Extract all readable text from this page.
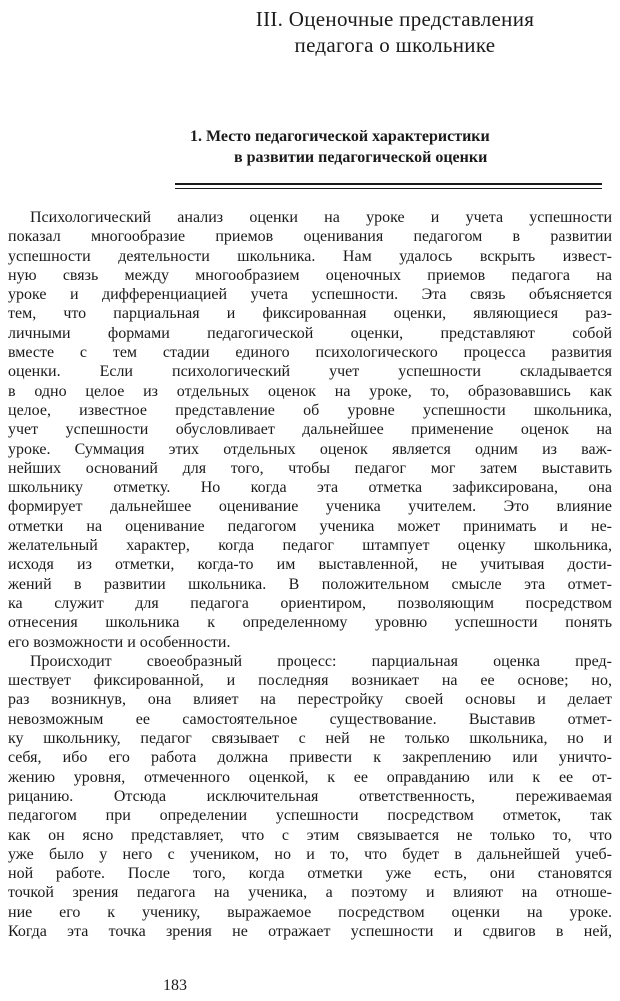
III. Оценочные представления
педагога о школьнике
1. Место педагогической характеристики
в развитии педагогической оценки
Психологический анализ оценки на уроке и учета успешности
показал многообразие приемов оценивания педагогом в развитии
успешности деятельности школьника. Нам удалось вскрыть извест-
ную связь между многообразием оценочных приемов педагога на
уроке и дифференциацией учета успешности. Эта связь объясняется
тем, что парциальная и фиксированная оценки, являющиеся раз-
личными формами педагогической оценки, представляют собой
вместе с тем стадии единого психологического процесса развития
оценки. Если психологический учет успешности складывается
в одно целое из отдельных оценок на уроке, то, образовавшись как
целое, известное представление об уровне успешности школьника,
учет успешности обусловливает дальнейшее применение оценок на
уроке. Суммация этих отдельных оценок является одним из важ-
нейших оснований для того, чтобы педагог мог затем выставить
школьнику отметку. Но когда эта отметка зафиксирована, она
формирует дальнейшее оценивание ученика учителем. Это влияние
отметки на оценивание педагогом ученика может принимать и не-
желательный характер, когда педагог штампует оценку школьника,
исходя из отметки, когда-то им выставленной, не учитывая дости-
жений в развитии школьника. В положительном смысле эта отмет-
ка служит для педагога ориентиром, позволяющим посредством
отнесения школьника к определенному уровню успешности понять
его возможности и особенности.
Происходит своеобразный процесс: парциальная оценка пред-
шествует фиксированной, и последняя возникает на ее основе; но,
раз возникнув, она влияет на перестройку своей основы и делает
невозможным ее самостоятельное существование. Выставив отмет-
ку школьнику, педагог связывает с ней не только школьника, но и
себя, ибо его работа должна привести к закреплению или уничто-
жению уровня, отмеченного оценкой, к ее оправданию или к ее от-
рицанию. Отсюда исключительная ответственность, переживаемая
педагогом при определении успешности посредством отметок, так
как он ясно представляет, что с этим связывается не только то, что
уже было у него с учеником, но и то, что будет в дальнейшей учеб-
ной работе. После того, когда отметки уже есть, они становятся
точкой зрения педагога на ученика, а поэтому и влияют на отноше-
ние его к ученику, выражаемое посредством оценки на уроке.
Когда эта точка зрения не отражает успешности и сдвигов в ней,
183
